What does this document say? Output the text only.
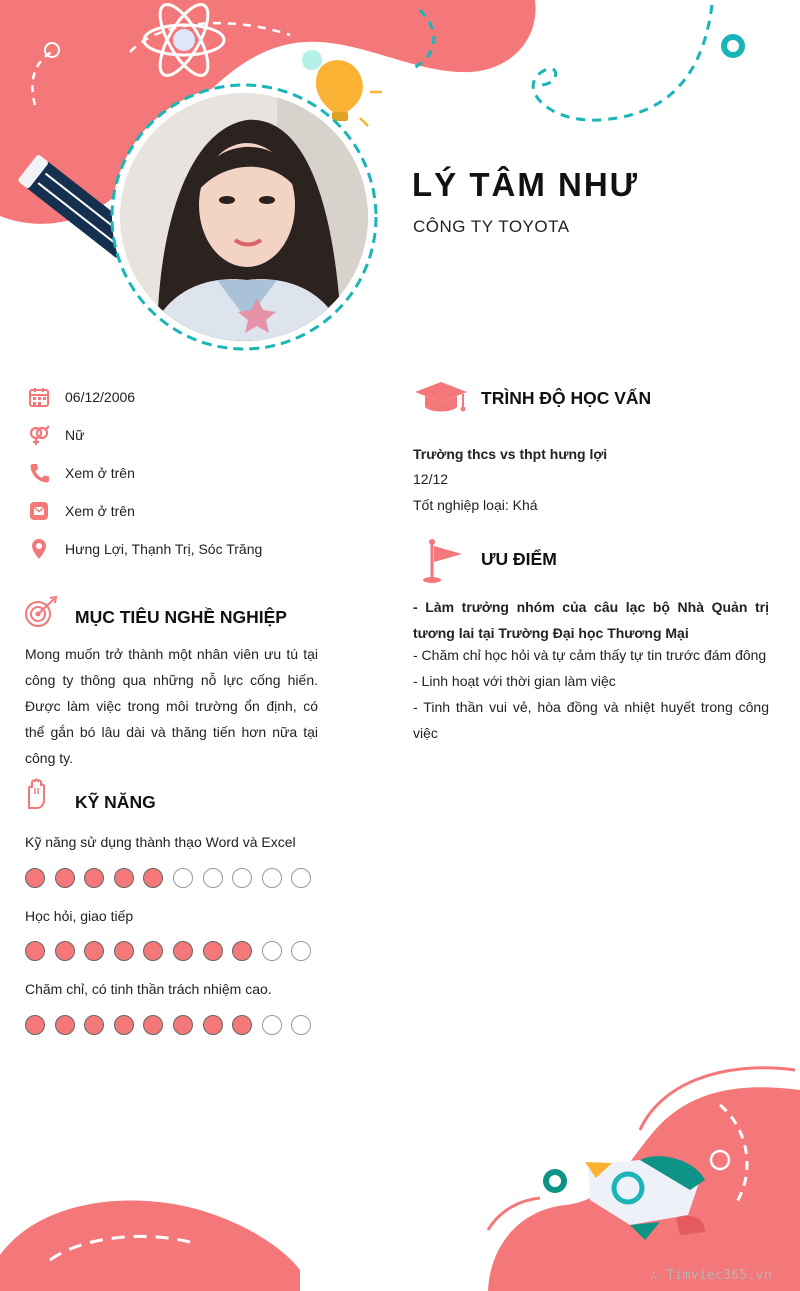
LÝ TÂM NHƯ
CÔNG TY TOYOTA
06/12/2006
Nữ
Xem ở trên
Xem ở trên
Hưng Lợi, Thạnh Trị, Sóc Trăng
MỤC TIÊU NGHỀ NGHIỆP
Mong muốn trở thành một nhân viên ưu tú tại công ty thông qua những nỗ lực cống hiến. Được làm việc trong môi trường ổn định, có thể gắn bó lâu dài và thăng tiến hơn nữa tại công ty.
KỸ NĂNG
Kỹ năng sử dụng thành thạo Word và Excel
Học hỏi, giao tiếp
Chăm chỉ, có tinh thần trách nhiệm cao.
TRÌNH ĐỘ HỌC VẤN
Trường thcs vs thpt hưng lợi
12/12
Tốt nghiệp loại: Khá
ƯU ĐIỂM
- Làm trưởng nhóm của câu lạc bộ Nhà Quản trị tương lai tại Trường Đại học Thương Mại
- Chăm chỉ học hỏi và tự cảm thấy tự tin trước đám đông
- Linh hoạt với thời gian làm việc
- Tinh thần vui vẻ, hòa đồng và nhiệt huyết trong công việc
∴ Timviec365.vn
